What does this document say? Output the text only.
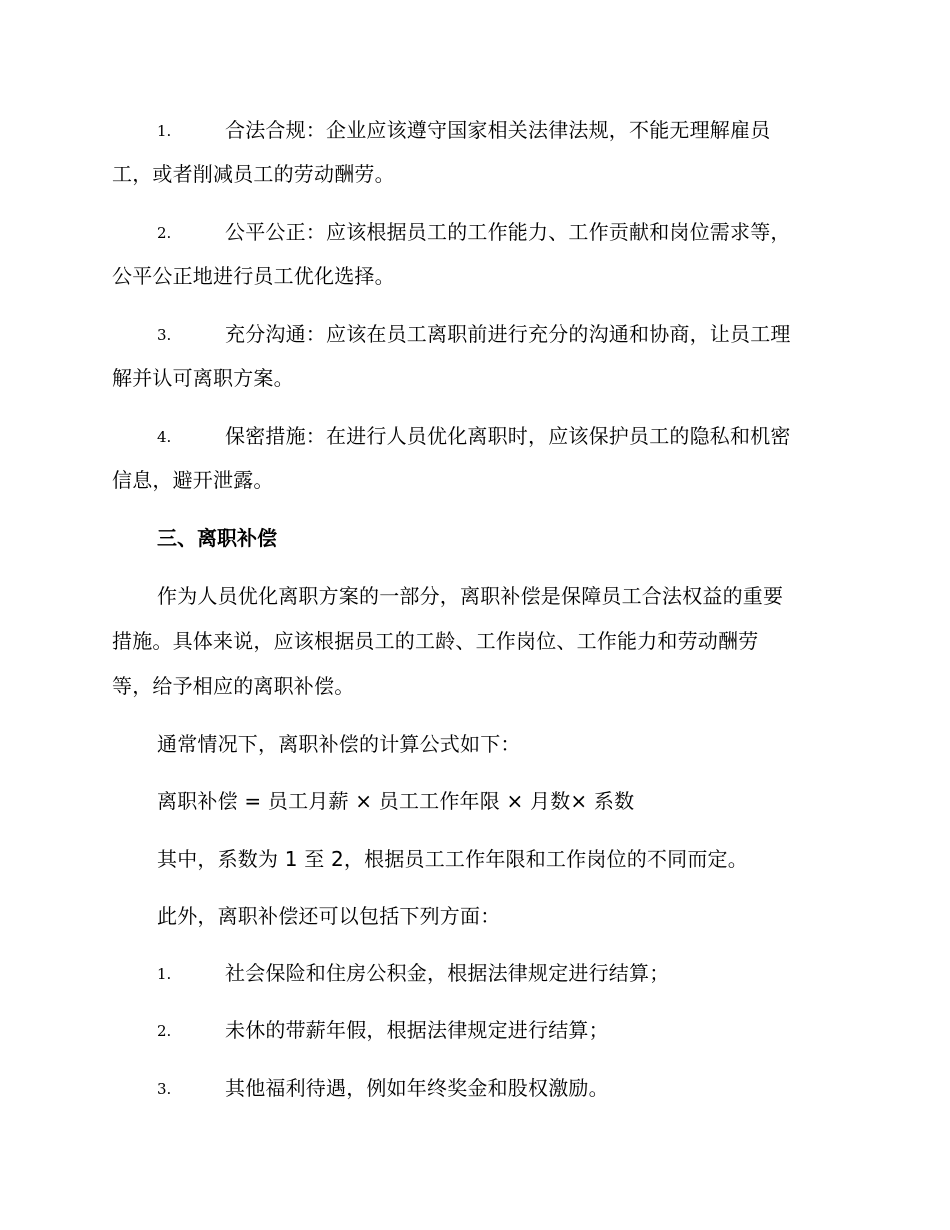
1.	合法合规：企业应该遵守国家相关法律法规，不能无理解雇员
工，或者削减员工的劳动酬劳。
2.	公平公正：应该根据员工的工作能力、工作贡献和岗位需求等，
公平公正地进行员工优化选择。
3.	充分沟通：应该在员工离职前进行充分的沟通和协商，让员工理
解并认可离职方案。
4.	保密措施：在进行人员优化离职时，应该保护员工的隐私和机密
信息，避开泄露。
三、离职补偿
作为人员优化离职方案的一部分，离职补偿是保障员工合法权益的重要
措施。具体来说，应该根据员工的工龄、工作岗位、工作能力和劳动酬劳
等，给予相应的离职补偿。
通常情况下，离职补偿的计算公式如下：
离职补偿 = 员工月薪 × 员工工作年限 × 月数× 系数
其中，系数为 1 至 2，根据员工工作年限和工作岗位的不同而定。
此外，离职补偿还可以包括下列方面：
1.	社会保险和住房公积金，根据法律规定进行结算；
2.	未休的带薪年假，根据法律规定进行结算；
3.	其他福利待遇，例如年终奖金和股权激励。
